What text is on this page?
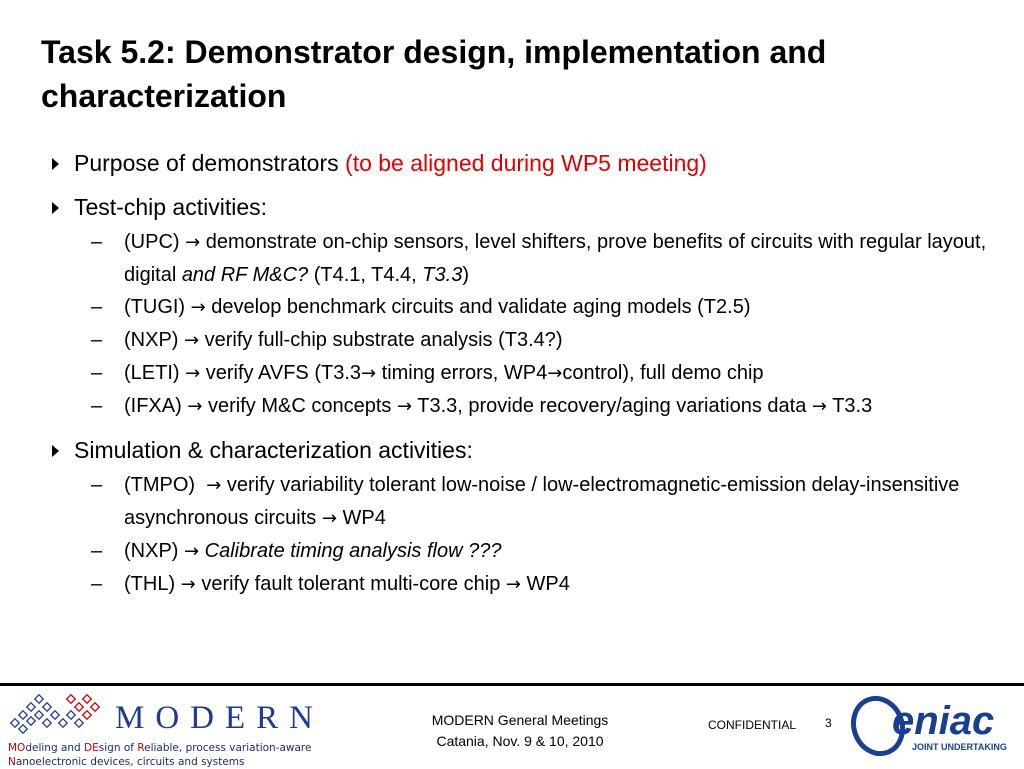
Task 5.2: Demonstrator design, implementation and characterization
Purpose of demonstrators (to be aligned during WP5 meeting)
Test-chip activities:
– (UPC) → demonstrate on-chip sensors, level shifters, prove benefits of circuits with regular layout, digital and RF M&C? (T4.1, T4.4, T3.3)
– (TUGI) → develop benchmark circuits and validate aging models (T2.5)
– (NXP) → verify full-chip substrate analysis (T3.4?)
– (LETI) → verify AVFS (T3.3→ timing errors, WP4→control), full demo chip
– (IFXA) → verify M&C concepts → T3.3, provide recovery/aging variations data → T3.3
Simulation & characterization activities:
– (TMPO)  → verify variability tolerant low-noise / low-electromagnetic-emission delay-insensitive asynchronous circuits → WP4
– (NXP) → Calibrate timing analysis flow ???
– (THL) → verify fault tolerant multi-core chip → WP4
MODERN
MOdeling and DEsign of Reliable, process variation-aware
Nanoelectronic devices, circuits and systems
MODERN General Meetings
Catania, Nov. 9 & 10, 2010
CONFIDENTIAL 3 eniac
JOINT UNDERTAKING
